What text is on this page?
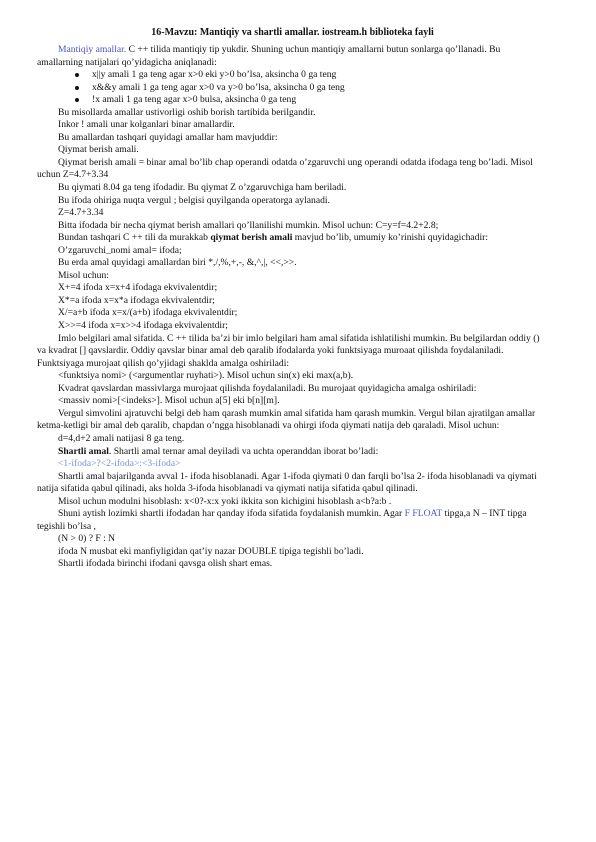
16-Mavzu: Mantiqiy va shartli amallar. iostream.h biblioteka fayli

Mantiqiy amallar. C ++ tilida mantiqiy tip yukdir. Shuning uchun mantiqiy amallarni butun sonlarga qo’llanadi. Bu amallarning natijalari qo’yidagicha aniqlanadi:

x||y amali 1 ga teng agar x>0 eki y>0 bo’lsa, aksincha 0 ga teng
x&&y amali 1 ga teng agar x>0 va y>0 bo’lsa, aksincha 0 ga teng
!x amali 1 ga teng agar x>0 bulsa, aksincha 0 ga teng

Bu misollarda amallar ustivorligi oshib borish tartibida berilgandir.

Inkor ! amali unar kolganlari binar amallardir.

Bu amallardan tashqari quyidagi amallar ham mavjuddir:

Qiymat berish amali.

Qiymat berish amali = binar amal bo’lib chap operandi odatda o’zgaruvchi ung operandi odatda ifodaga teng bo’ladi. Misol uchun Z=4.7+3.34

Bu qiymati 8.04 ga teng ifodadir. Bu qiymat Z o’zgaruvchiga ham beriladi.

Bu ifoda ohiriga nuqta vergul ; belgisi quyilganda operatorga aylanadi.

Z=4.7+3.34

Bitta ifodada bir necha qiymat berish amallari qo’llanilishi mumkin. Misol uchun: C=y=f=4.2+2.8;

Bundan tashqari C ++ tili da murakkab qiymat berish amali mavjud bo’lib, umumiy ko’rinishi quyidagichadir:

O’zgaruvchi_nomi amal= ifoda;

Bu erda amal quyidagi amallardan biri *,/,%,+,-, &,^,|, <<,>>.

Misol uchun:

X+=4 ifoda x=x+4 ifodaga ekvivalentdir;

X*=a ifoda x=x*a ifodaga ekvivalentdir;

X/=a+b ifoda x=x/(a+b) ifodaga ekvivalentdir;

X>>=4 ifoda x=x>>4 ifodaga ekvivalentdir;

Imlo belgilari amal sifatida. C ++ tilida ba’zi bir imlo belgilari ham amal sifatida ishlatilishi mumkin. Bu belgilardan oddiy () va kvadrat [] qavslardir. Oddiy qavslar binar amal deb qaralib ifodalarda yoki funktsiyaga muroaat qilishda foydalaniladi. Funktsiyaga murojaat qilish qo’yjidagi shaklda amalga oshiriladi:

<funktsiya nomi> (<argumentlar ruyhati>). Misol uchun sin(x) eki max(a,b).

Kvadrat qavslardan massivlarga murojaat qilishda foydalaniladi. Bu murojaat quyidagicha amalga oshiriladi:

<massiv nomi>[<indeks>]. Misol uchun a[5] eki b[n][m].

Vergul simvolini ajratuvchi belgi deb ham qarash mumkin amal sifatida ham qarash mumkin. Vergul bilan ajratilgan amallar ketma-ketligi bir amal deb qaralib, chapdan o’ngga hisoblanadi va ohirgi ifoda qiymati natija deb qaraladi. Misol uchun:

d=4,d+2 amali natijasi 8 ga teng.

Shartli amal. Shartli amal ternar amal deyiladi va uchta operanddan iborat bo’ladi:

<1-ifoda>?<2-ifoda>:<3-ifoda>

Shartli amal bajarilganda avval 1- ifoda hisoblanadi. Agar 1-ifoda qiymati 0 dan farqli bo’lsa 2- ifoda hisoblanadi va qiymati natija sifatida qabul qilinadi, aks holda 3-ifoda hisoblanadi va qiymati natija sifatida qabul qilinadi.

Misol uchun modulni hisoblash: x<0?-x:x yoki ikkita son kichigini hisoblash a<b?a:b .

Shuni aytish lozimki shartli ifodadan har qanday ifoda sifatida foydalanish mumkin. Agar F FLOAT tipga,a N – INT tipga tegishli bo’lsa ,

(N > 0) ? F : N

ifoda N musbat eki manfiyligidan qat’iy nazar DOUBLE tipiga tegishli bo’ladi.

Shartli ifodada birinchi ifodani qavsga olish shart emas.
